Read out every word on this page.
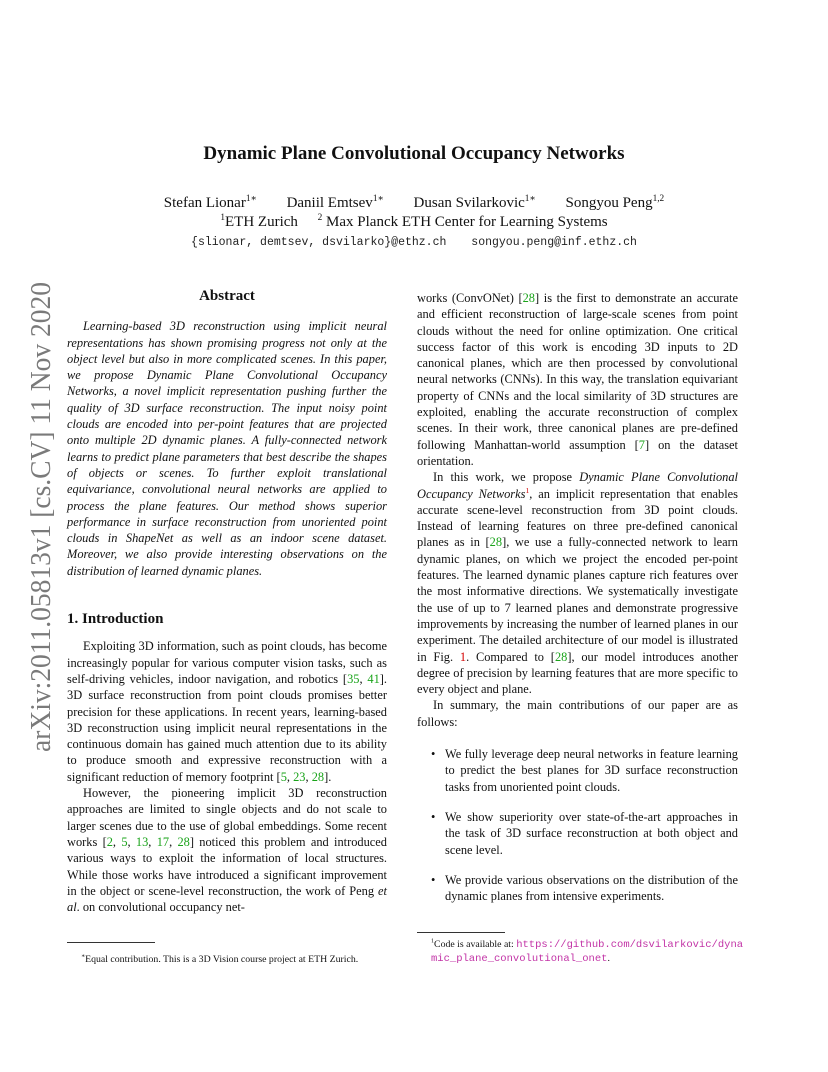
arXiv:2011.05813v1 [cs.CV] 11 Nov 2020
Dynamic Plane Convolutional Occupancy Networks
Stefan Lionar$^{1∗}$ Daniil Emtsev$^{1∗}$ Dusan Svilarkovic$^{1∗}$ Songyou Peng$^{1,2}$
$^1$ETH Zurich $^2$ Max Planck ETH Center for Learning Systems
{slionar, demtsev, dsvilarko}@ethz.ch songyou.peng@inf.ethz.ch
Abstract

Learning-based 3D reconstruction using implicit neural representations has shown promising progress not only at the object level but also in more complicated scenes. In this paper, we propose Dynamic Plane Convolutional Occupancy Networks, a novel implicit representation pushing further the quality of 3D surface reconstruction. The input noisy point clouds are encoded into per-point features that are projected onto multiple 2D dynamic planes. A fully-connected network learns to predict plane parameters that best describe the shapes of objects or scenes. To further exploit translational equivariance, convolutional neural networks are applied to process the plane features. Our method shows superior performance in surface reconstruction from unoriented point clouds in ShapeNet as well as an indoor scene dataset. Moreover, we also provide interesting observations on the distribution of learned dynamic planes.

1. Introduction

Exploiting 3D information, such as point clouds, has become increasingly popular for various computer vision tasks, such as self-driving vehicles, indoor navigation, and robotics [35, 41]. 3D surface reconstruction from point clouds promises better precision for these applications. In recent years, learning-based 3D reconstruction using implicit neural representations in the continuous domain has gained much attention due to its ability to produce smooth and expressive reconstruction with a significant reduction of memory footprint [5, 23, 28].

However, the pioneering implicit 3D reconstruction approaches are limited to single objects and do not scale to larger scenes due to the use of global embeddings. Some recent works [2, 5, 13, 17, 28] noticed this problem and introduced various ways to exploit the information of local structures. While those works have introduced a significant improvement in the object or scene-level reconstruction, the work of Peng et al. on convolutional occupancy net-

∗Equal contribution. This is a 3D Vision course project at ETH Zurich.

works (ConvONet) [28] is the first to demonstrate an accurate and efficient reconstruction of large-scale scenes from point clouds without the need for online optimization. One critical success factor of this work is encoding 3D inputs to 2D canonical planes, which are then processed by convolutional neural networks (CNNs). In this way, the translation equivariant property of CNNs and the local similarity of 3D structures are exploited, enabling the accurate reconstruction of complex scenes. In their work, three canonical planes are pre-defined following Manhattan-world assumption [7] on the dataset orientation.

In this work, we propose Dynamic Plane Convolutional Occupancy Networks$^1$, an implicit representation that enables accurate scene-level reconstruction from 3D point clouds. Instead of learning features on three pre-defined canonical planes as in [28], we use a fully-connected network to learn dynamic planes, on which we project the encoded per-point features. The learned dynamic planes capture rich features over the most informative directions. We systematically investigate the use of up to 7 learned planes and demonstrate progressive improvements by increasing the number of learned planes in our experiment. The detailed architecture of our model is illustrated in Fig. 1. Compared to [28], our model introduces another degree of precision by learning features that are more specific to every object and plane.

In summary, the main contributions of our paper are as follows:

• We fully leverage deep neural networks in feature learning to predict the best planes for 3D surface reconstruction tasks from unoriented point clouds.
• We show superiority over state-of-the-art approaches in the task of 3D surface reconstruction at both object and scene level.
• We provide various observations on the distribution of the dynamic planes from intensive experiments.
$^1$Code is available at: https://github.com/dsvilarkovic/dynamic_plane_convolutional_onet.
